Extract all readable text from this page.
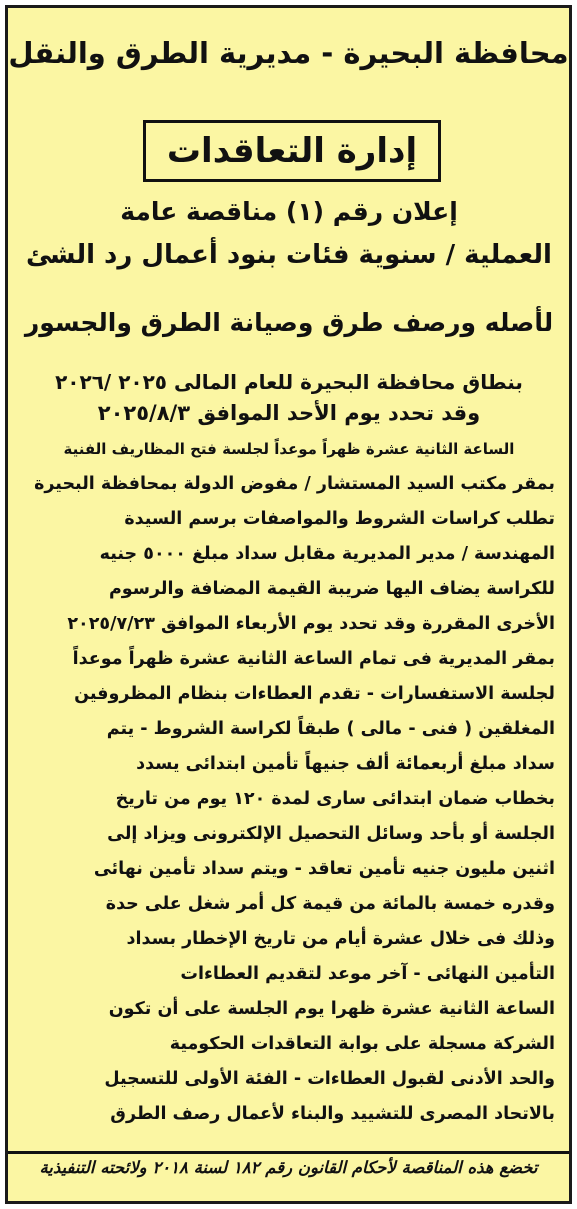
محافظة البحيرة - مديرية الطرق والنقل
إدارة التعاقدات
إعلان رقم (١) مناقصة عامة
العملية / سنوية فئات بنود أعمال رد الشئ
لأصله ورصف طرق وصيانة الطرق والجسور
بنطاق محافظة البحيرة للعام المالى ٢٠٢٥ /٢٠٢٦
وقد تحدد يوم الأحد الموافق ٢٠٢٥/٨/٣
الساعة الثانية عشرة ظهراً موعداً لجلسة فتح المظاريف الفنية
بمقر مكتب السيد المستشار / مفوض الدولة بمحافظة البحيرة
تطلب كراسات الشروط والمواصفات برسم السيدة
المهندسة / مدير المديرية مقابل سداد مبلغ ٥٠٠٠ جنيه
للكراسة يضاف اليها ضريبة القيمة المضافة والرسوم
الأخرى المقررة وقد تحدد يوم الأربعاء الموافق ٢٠٢٥/٧/٢٣
بمقر المديرية فى تمام الساعة الثانية عشرة ظهراً موعداً
لجلسة الاستفسارات - تقدم العطاءات بنظام المظروفين
المغلقين ( فنى - مالى ) طبقاً لكراسة الشروط - يتم
سداد مبلغ أربعمائة ألف جنيهاً تأمين ابتدائى يسدد
بخطاب ضمان ابتدائى سارى لمدة ١٢٠ يوم من تاريخ
الجلسة أو بأحد وسائل التحصيل الإلكترونى ويزاد إلى
اثنين مليون جنيه تأمين تعاقد - ويتم سداد تأمين نهائى
وقدره خمسة بالمائة من قيمة كل أمر شغل على حدة
وذلك فى خلال عشرة أيام من تاريخ الإخطار بسداد
التأمين النهائى - آخر موعد لتقديم العطاءات
الساعة الثانية عشرة ظهرا يوم الجلسة على أن تكون
الشركة مسجلة على بوابة التعاقدات الحكومية
والحد الأدنى لقبول العطاءات - الفئة الأولى للتسجيل
بالاتحاد المصرى للتشييد والبناء لأعمال رصف الطرق
تخضع هذه المناقصة لأحكام القانون رقم ١٨٢ لسنة ٢٠١٨ ولائحته التنفيذية
